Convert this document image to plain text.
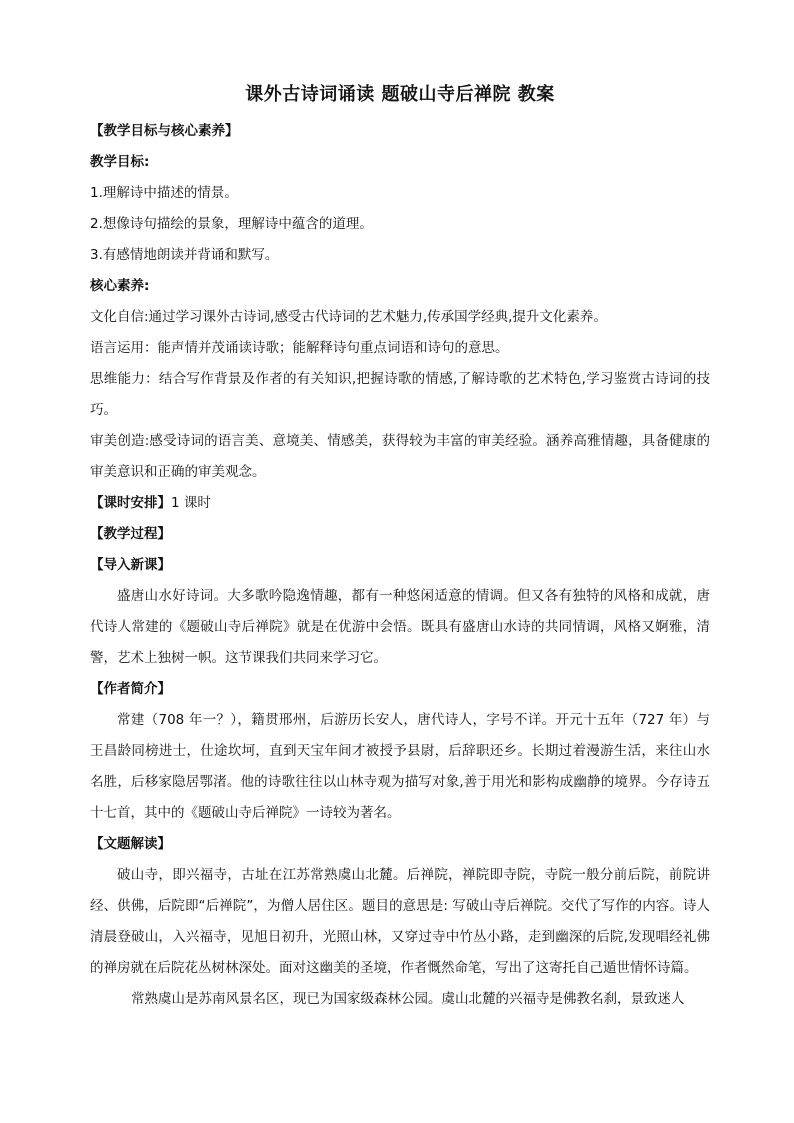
课外古诗词诵读 题破山寺后禅院 教案

【教学目标与核心素养】

教学目标:

1.理解诗中描述的情景。

2.想像诗句描绘的景象，理解诗中蕴含的道理。

3.有感情地朗读并背诵和默写。

核心素养:

文化自信:通过学习课外古诗词,感受古代诗词的艺术魅力,传承国学经典,提升文化素养。

语言运用：能声情并茂诵读诗歌；能解释诗句重点词语和诗句的意思。

思维能力：结合写作背景及作者的有关知识,把握诗歌的情感,了解诗歌的艺术特色,学习鉴赏古诗词的技巧。

审美创造:感受诗词的语言美、意境美、情感美，获得较为丰富的审美经验。涵养高雅情趣，具备健康的审美意识和正确的审美观念。

【课时安排】1 课时

【教学过程】

【导入新课】

盛唐山水好诗词。大多歌吟隐逸情趣，都有一种悠闲适意的情调。但又各有独特的风格和成就，唐代诗人常建的《题破山寺后禅院》就是在优游中会悟。既具有盛唐山水诗的共同情调，风格又婀雅，清警，艺术上独树一帜。这节课我们共同来学习它。

【作者简介】

常建（708 年一？），籍贯邢州，后游历长安人，唐代诗人，字号不详。开元十五年（727 年）与王昌龄同榜进士，仕途坎坷，直到天宝年间才被授予县尉，后辞职还乡。长期过着漫游生活，来往山水名胜，后移家隐居鄂渚。他的诗歌往往以山林寺观为描写对象,善于用光和影构成幽静的境界。今存诗五十七首，其中的《题破山寺后禅院》一诗较为著名。

【文题解读】

破山寺，即兴福寺，古址在江苏常熟虞山北麓。后禅院，禅院即寺院，寺院一般分前后院，前院讲经、供佛，后院即“后禅院”，为僧人居住区。题目的意思是: 写破山寺后禅院。交代了写作的内容。诗人清晨登破山，入兴福寺，见旭日初升，光照山林，又穿过寺中竹丛小路，走到幽深的后院,发现唱经礼佛的禅房就在后院花丛树林深处。面对这幽美的圣境，作者慨然命笔，写出了这寄托自己遁世情怀诗篇。

常熟虞山是苏南风景名区，现已为国家级森林公园。虞山北麓的兴福寺是佛教名刹，景致迷人
